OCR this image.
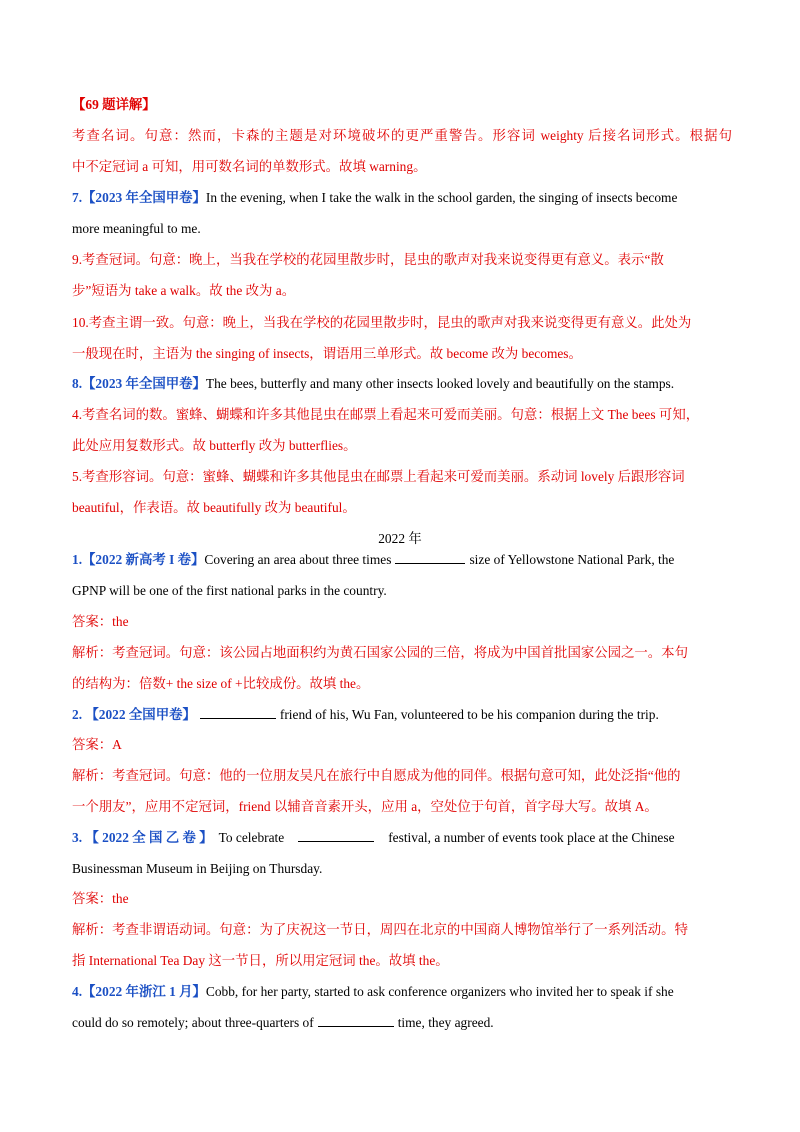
【69 题详解】
考查名词。句意：然而，卡森的主题是对环境破坏的更严重警告。形容词 weighty 后接名词形式。根据句
中不定冠词 a 可知，用可数名词的单数形式。故填 warning。
7.【2023 年全国甲卷】In the evening, when I take the walk in the school garden, the singing of insects become
more meaningful to me.
9.考查冠词。句意：晚上，当我在学校的花园里散步时，昆虫的歌声对我来说变得更有意义。表示“散
步”短语为 take a walk。故 the 改为 a。
10.考查主谓一致。句意：晚上，当我在学校的花园里散步时，昆虫的歌声对我来说变得更有意义。此处为
一般现在时，主语为 the singing of insects，谓语用三单形式。故 become 改为 becomes。
8.【2023 年全国甲卷】The bees, butterfly and many other insects looked lovely and beautifully on the stamps.
4.考查名词的数。蜜蜂、蝴蝶和许多其他昆虫在邮票上看起来可爱而美丽。句意：根据上文 The bees 可知，
此处应用复数形式。故 butterfly 改为 butterflies。
5.考查形容词。句意：蜜蜂、蝴蝶和许多其他昆虫在邮票上看起来可爱而美丽。系动词 lovely 后跟形容词
beautiful，作表语。故 beautifully 改为 beautiful。
2022 年
1.【2022 新高考 I 卷】Covering an area about three times	size of Yellowstone National Park, the
GPNP will be one of the first national parks in the country.
答案：the
解析：考查冠词。句意：该公园占地面积约为黄石国家公园的三倍，将成为中国首批国家公园之一。本句
的结构为：倍数+ the size of +比较成份。故填 the。
2. 【2022 全国甲卷】	friend of his, Wu Fan, volunteered to be his companion during the trip.
答案：A
解析：考查冠词。句意：他的一位朋友吴凡在旅行中自愿成为他的同伴。根据句意可知，此处泛指“他的
一个朋友”，应用不定冠词，friend 以辅音音素开头，应用 a，空处位于句首，首字母大写。故填 A。
3. 【 2022 全 国 乙 卷 】 To celebrate	festival, a number of events took place at the Chinese
Businessman Museum in Beijing on Thursday.
答案：the
解析：考查非谓语动词。句意：为了庆祝这一节日，周四在北京的中国商人博物馆举行了一系列活动。特
指 International Tea Day 这一节日，所以用定冠词 the。故填 the。
4.【2022 年浙江 1 月】Cobb, for her party, started to ask conference organizers who invited her to speak if she
could do so remotely; about three-quarters of	time, they agreed.
